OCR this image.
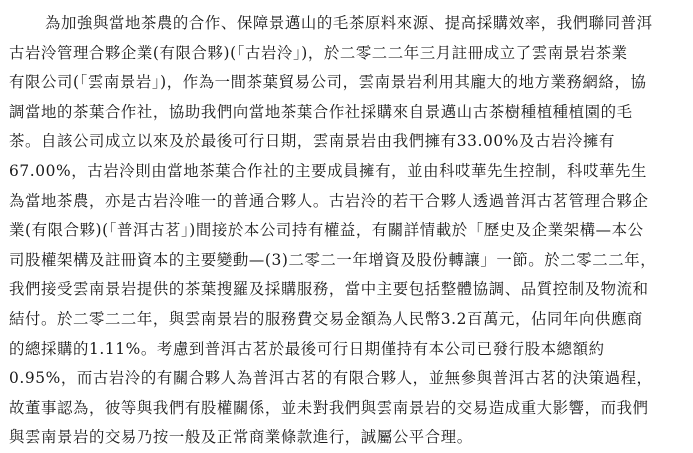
為加強與當地茶農的合作、保障景邁山的毛茶原料來源、提高採購效率，我們聯同普洱
古岩泠管理合夥企業(有限合夥)(「古岩泠」)，於二零二二年三月註冊成立了雲南景岩茶業
有限公司(「雲南景岩」)，作為一間茶葉貿易公司，雲南景岩利用其龐大的地方業務網絡，協
調當地的茶葉合作社，協助我們向當地茶葉合作社採購來自景邁山古茶樹種植種植園的毛
茶。自該公司成立以來及於最後可行日期，雲南景岩由我們擁有33.00%及古岩泠擁有
67.00%，古岩泠則由當地茶葉合作社的主要成員擁有，並由科哎華先生控制，科哎華先生
為當地茶農，亦是古岩泠唯一的普通合夥人。古岩泠的若干合夥人透過普洱古茗管理合夥企
業(有限合夥)(「普洱古茗」)間接於本公司持有權益，有關詳情載於「歷史及企業架構—本公
司股權架構及註冊資本的主要變動—(3)二零二一年增資及股份轉讓」一節。於二零二二年，
我們接受雲南景岩提供的茶葉搜羅及採購服務，當中主要包括整體協調、品質控制及物流和
結付。於二零二二年，與雲南景岩的服務費交易金額為人民幣3.2百萬元，佔同年向供應商
的總採購的1.11%。考慮到普洱古茗於最後可行日期僅持有本公司已發行股本總額約
0.95%，而古岩泠的有關合夥人為普洱古茗的有限合夥人，並無參與普洱古茗的決策過程，
故董事認為，彼等與我們有股權關係，並未對我們與雲南景岩的交易造成重大影響，而我們
與雲南景岩的交易乃按一般及正常商業條款進行，誠屬公平合理。
